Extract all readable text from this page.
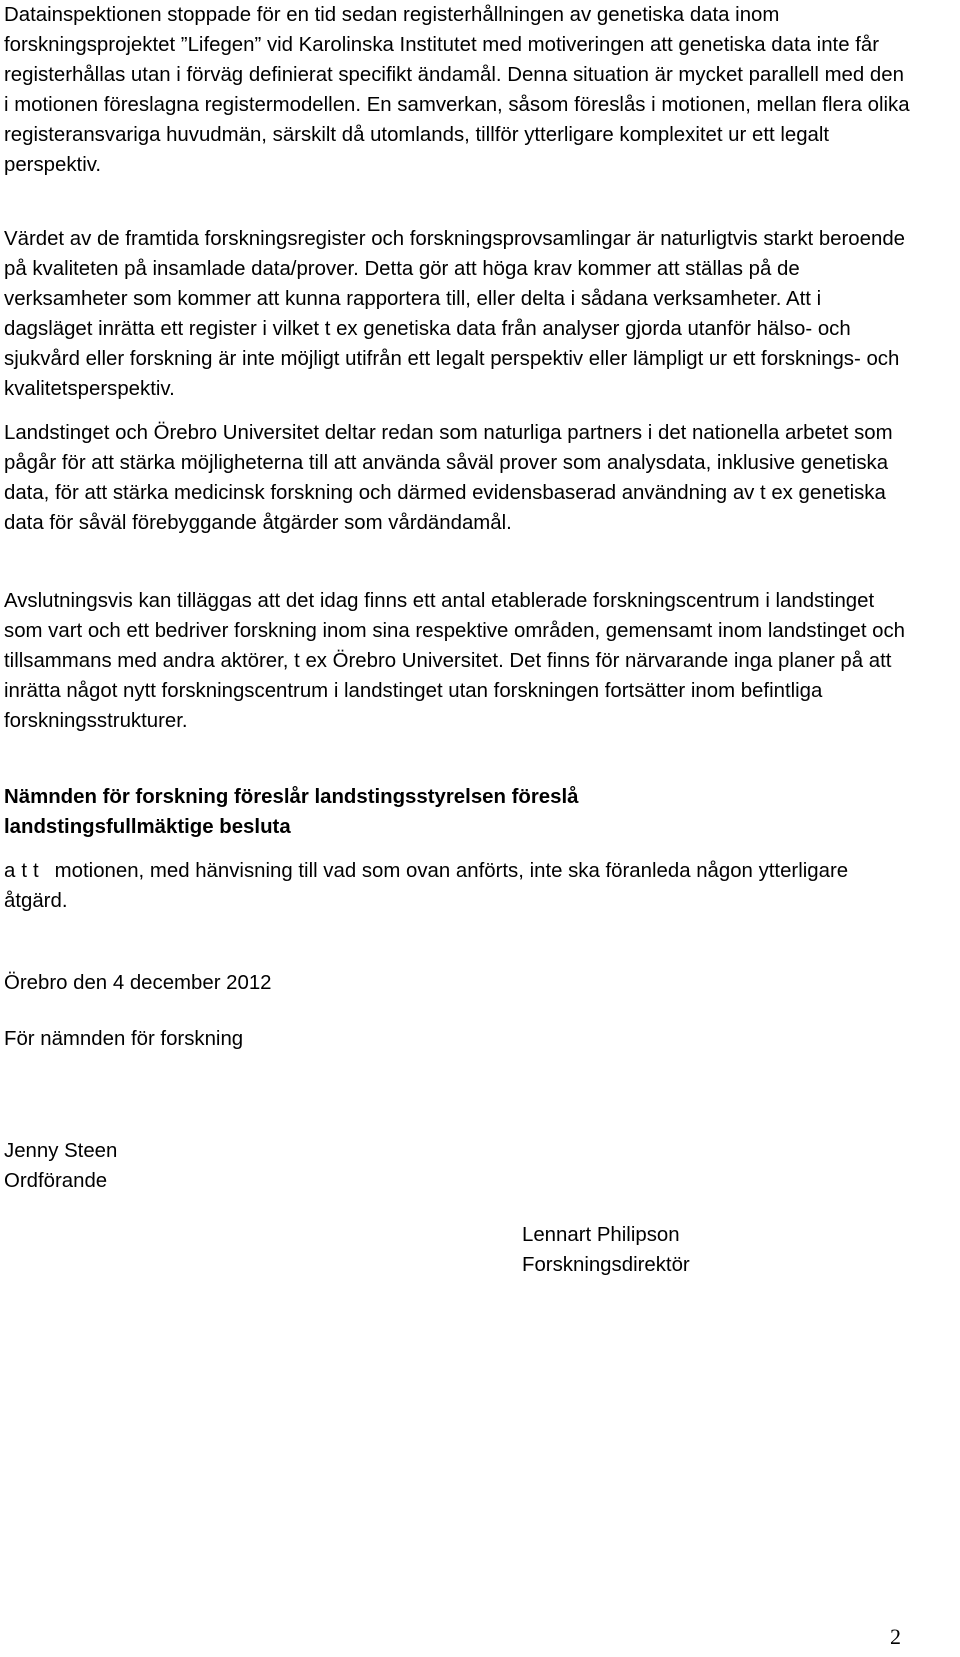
Datainspektionen stoppade för en tid sedan registerhållningen av genetiska data inom forskningsprojektet ”Lifegen” vid Karolinska Institutet med motiveringen att genetiska data inte får registerhållas utan i förväg definierat specifikt ändamål. Denna situation är mycket parallell med den i motionen föreslagna registermodellen. En samverkan, såsom föreslås i motionen, mellan flera olika registeransvariga huvudmän, särskilt då utomlands, tillför ytterligare komplexitet ur ett legalt perspektiv.

Värdet av de framtida forskningsregister och forskningsprovsamlingar är naturligtvis starkt beroende på kvaliteten på insamlade data/prover. Detta gör att höga krav kommer att ställas på de verksamheter som kommer att kunna rapportera till, eller delta i sådana verksamheter. Att i dagsläget inrätta ett register i vilket t ex genetiska data från analyser gjorda utanför hälso- och sjukvård eller forskning är inte möjligt utifrån ett legalt perspektiv eller lämpligt ur ett forsknings- och kvalitetsperspektiv.

Landstinget och Örebro Universitet deltar redan som naturliga partners i det nationella arbetet som pågår för att stärka möjligheterna till att använda såväl prover som analysdata, inklusive genetiska data, för att stärka medicinsk forskning och därmed evidensbaserad användning av t ex genetiska data för såväl förebyggande åtgärder som vårdändamål.

Avslutningsvis kan tilläggas att det idag finns ett antal etablerade forskningscentrum i landstinget som vart och ett bedriver forskning inom sina respektive områden, gemensamt inom landstinget och tillsammans med andra aktörer, t ex Örebro Universitet. Det finns för närvarande inga planer på att inrätta något nytt forskningscentrum i landstinget utan forskningen fortsätter inom befintliga forskningsstrukturer.

Nämnden för forskning föreslår landstingsstyrelsen föreslå
landstingsfullmäktige besluta

att motionen, med hänvisning till vad som ovan anförts, inte ska föranleda någon ytterligare åtgärd.

Örebro den 4 december 2012

För nämnden för forskning

Jenny Steen
Ordförande
Lennart Philipson
Forskningsdirektör
2
